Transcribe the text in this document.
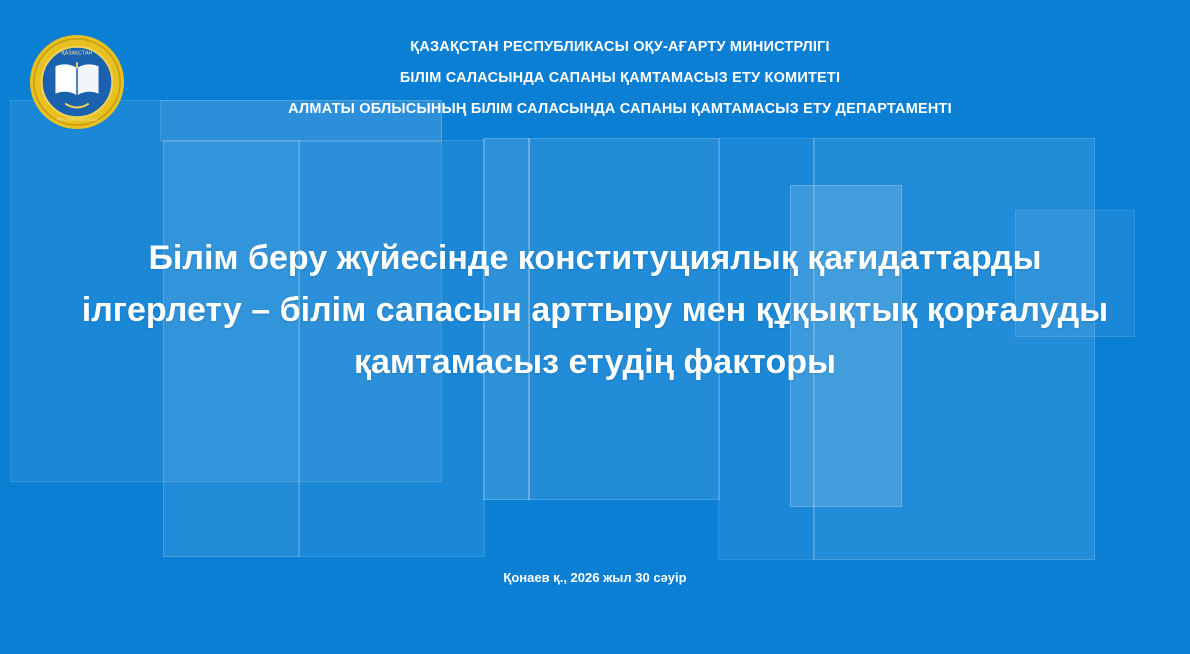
ҚАЗАҚСТАН
РЕСПУБЛИКАСЫ
ҚАЗАҚСТАН РЕСПУБЛИКАСЫ ОҚУ-АҒАРТУ МИНИСТРЛІГІ
БІЛІМ САЛАСЫНДА САПАНЫ ҚАМТАМАСЫЗ ЕТУ КОМИТЕТІ
АЛМАТЫ ОБЛЫСЫНЫҢ БІЛІМ САЛАСЫНДА САПАНЫ ҚАМТАМАСЫЗ ЕТУ ДЕПАРТАМЕНТІ
Білім беру жүйесінде конституциялық қағидаттарды ілгерлету – білім сапасын арттыру мен құқықтық қорғалуды қамтамасыз етудің факторы
Қонаев қ., 2026 жыл 30 сәуір
